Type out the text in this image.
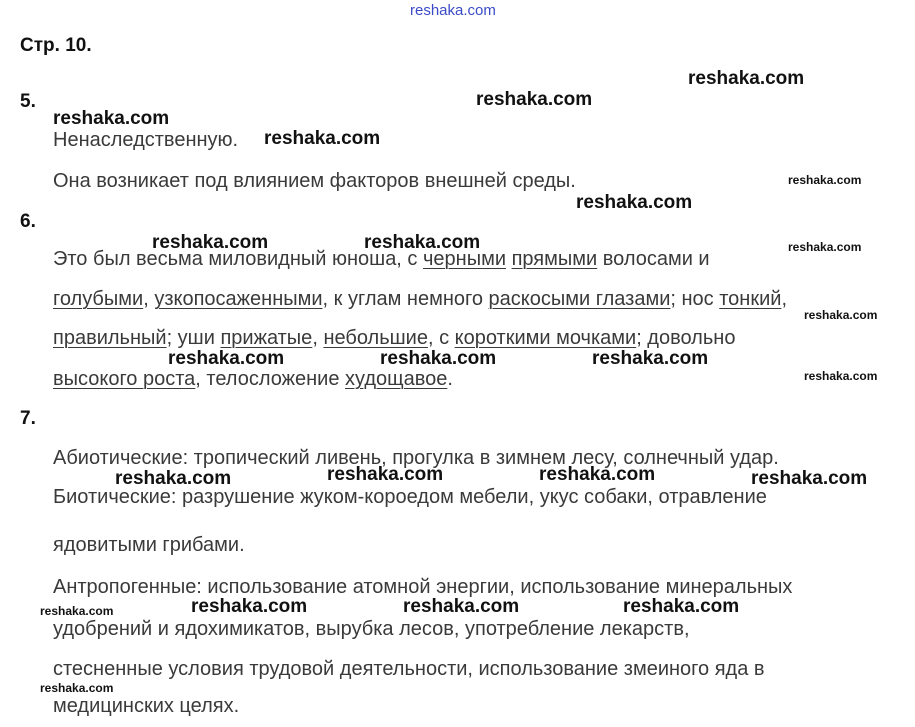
reshaka.com
Стр. 10.
5.
Ненаследственную.
Она возникает под влиянием факторов внешней среды.
6.
Это был весьма миловидный юноша, с черными прямыми волосами и
голубыми, узкопосаженными, к углам немного раскосыми глазами; нос тонкий,
правильный; уши прижатые, небольшие, с короткими мочками; довольно
высокого роста, телосложение худощавое.
7.
Абиотические: тропический ливень, прогулка в зимнем лесу, солнечный удар.
Биотические: разрушение жуком-короедом мебели, укус собаки, отравление
ядовитыми грибами.
Антропогенные: использование атомной энергии, использование минеральных
удобрений и ядохимикатов, вырубка лесов, употребление лекарств,
стесненные условия трудовой деятельности, использование змеиного яда в
медицинских целях.
reshaka.com
reshaka.com
reshaka.com
reshaka.com
reshaka.com
reshaka.com	reshaka.com
reshaka.com	reshaka.com	reshaka.com
reshaka.com	reshaka.com	reshaka.com	reshaka.com
reshaka.com	reshaka.com	reshaka.com
reshaka.com
reshaka.com
reshaka.com
reshaka.com
reshaka.com
reshaka.com
